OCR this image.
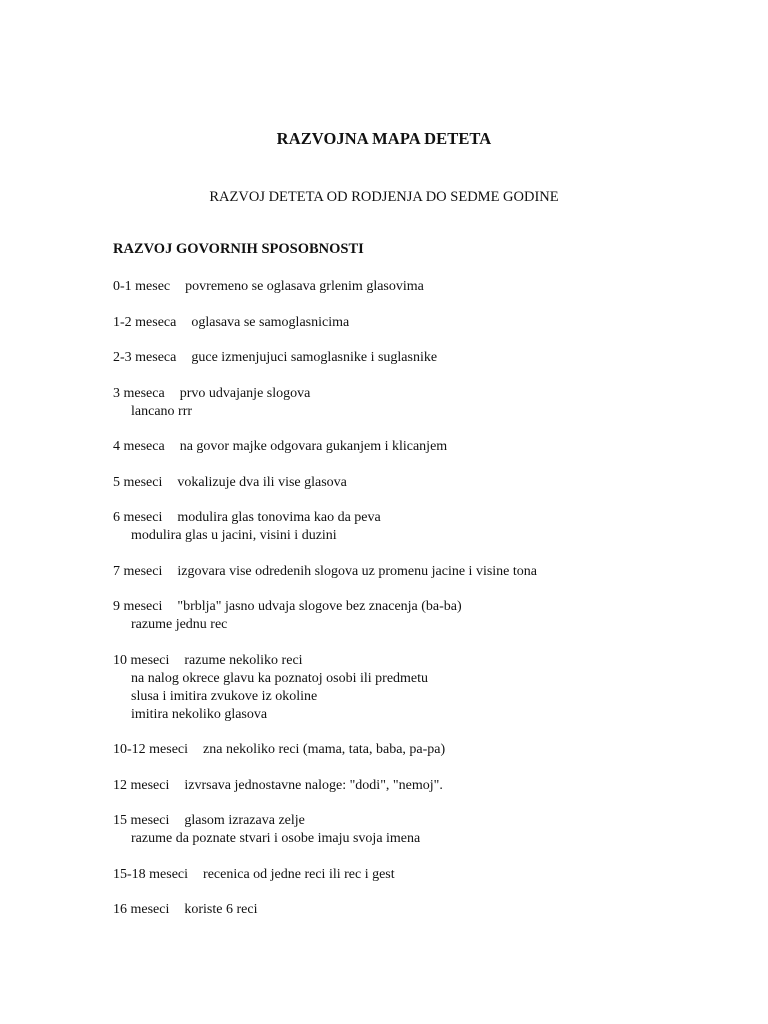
RAZVOJNA MAPA DETETA
RAZVOJ DETETA OD RODJENJA DO SEDME GODINE
RAZVOJ GOVORNIH SPOSOBNOSTI
0-1 mesec povremeno se oglasava grlenim glasovima
1-2 meseca oglasava se samoglasnicima
2-3 meseca guce izmenjujuci samoglasnike i suglasnike
3 meseca prvo udvajanje slogova
lancano rrr
4 meseca na govor majke odgovara gukanjem i klicanjem
5 meseci vokalizuje dva ili vise glasova
6 meseci modulira glas tonovima kao da peva
modulira glas u jacini, visini i duzini
7 meseci izgovara vise odredenih slogova uz promenu jacine i visine tona
9 meseci "brblja" jasno udvaja slogove bez znacenja (ba-ba)
razume jednu rec
10 meseci razume nekoliko reci
na nalog okrece glavu ka poznatoj osobi ili predmetu
slusa i imitira zvukove iz okoline
imitira nekoliko glasova
10-12 meseci zna nekoliko reci (mama, tata, baba, pa-pa)
12 meseci izvrsava jednostavne naloge: "dodi", "nemoj".
15 meseci glasom izrazava zelje
razume da poznate stvari i osobe imaju svoja imena
15-18 meseci recenica od jedne reci ili rec i gest
16 meseci koriste 6 reci
